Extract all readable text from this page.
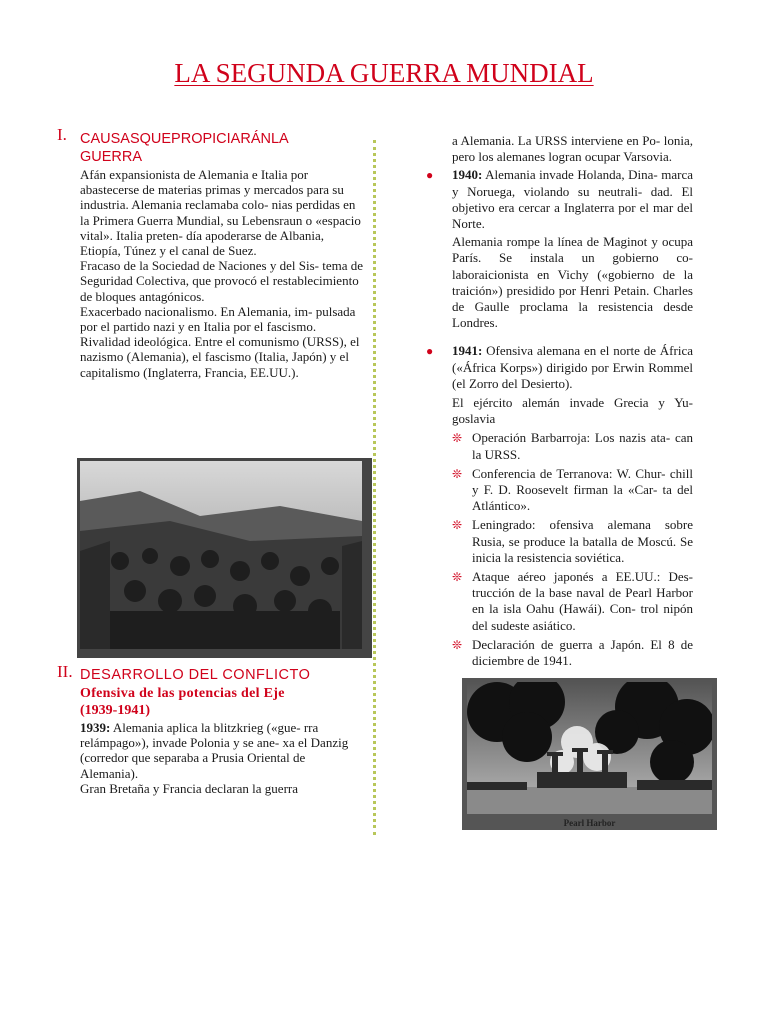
LA SEGUNDA GUERRA MUNDIAL
I. CAUSASQUEPROPICIARÁNLA
GUERRA

Afán expansionista de Alemania e Italia por abastecerse de materias primas y mercados para su industria. Alemania reclamaba colo- nias perdidas en la Primera Guerra Mundial, su Lebensraun o «espacio vital». Italia preten- día apoderarse de Albania, Etiopía, Túnez y el canal de Suez.

Fracaso de la Sociedad de Naciones y del Sis- tema de Seguridad Colectiva, que provocó el restablecimiento de bloques antagónicos.

Exacerbado nacionalismo. En Alemania, im- pulsada por el partido nazi y en Italia por el fascismo.

Rivalidad ideológica. Entre el comunismo (URSS), el nazismo (Alemania), el fascismo (Italia, Japón) y el capitalismo (Inglaterra, Francia, EE.UU.).

II. DESARROLLO DEL CONFLICTO
Ofensiva de las potencias del Eje
(1939-1941)

1939: Alemania aplica la blitzkrieg («gue- rra relámpago»), invade Polonia y se ane- xa el Danzig (corredor que separaba a Prusia Oriental de Alemania).

Gran Bretaña y Francia declaran la guerra

a Alemania. La URSS interviene en Po- lonia, pero los alemanes logran ocupar Varsovia.

● 1940: Alemania invade Holanda, Dina- marca y Noruega, violando su neutrali- dad. El objetivo era cercar a Inglaterra por el mar del Norte.

Alemania rompe la línea de Maginot y ocupa París. Se instala un gobierno co- laboraicionista en Vichy («gobierno de la traición») presidido por Henri Petain. Charles de Gaulle proclama la resistencia desde Londres.

● 1941: Ofensiva alemana en el norte de África («África Korps») dirigido por Erwin Rommel (el Zorro del Desierto).

El ejército alemán invade Grecia y Yu- goslavia

❊ Operación Barbarroja: Los nazis ata- can la URSS.

❊ Conferencia de Terranova: W. Chur- chill y F. D. Roosevelt firman la «Car- ta del Atlántico».

❊ Leningrado: ofensiva alemana sobre Rusia, se produce la batalla de Moscú. Se inicia la resistencia soviética.

❊ Ataque aéreo japonés a EE.UU.: Des- trucción de la base naval de Pearl Harbor en la isla Oahu (Hawái). Con- trol nipón del sudeste asiático.

❊ Declaración de guerra a Japón. El 8 de diciembre de 1941.

Pearl Harbor
